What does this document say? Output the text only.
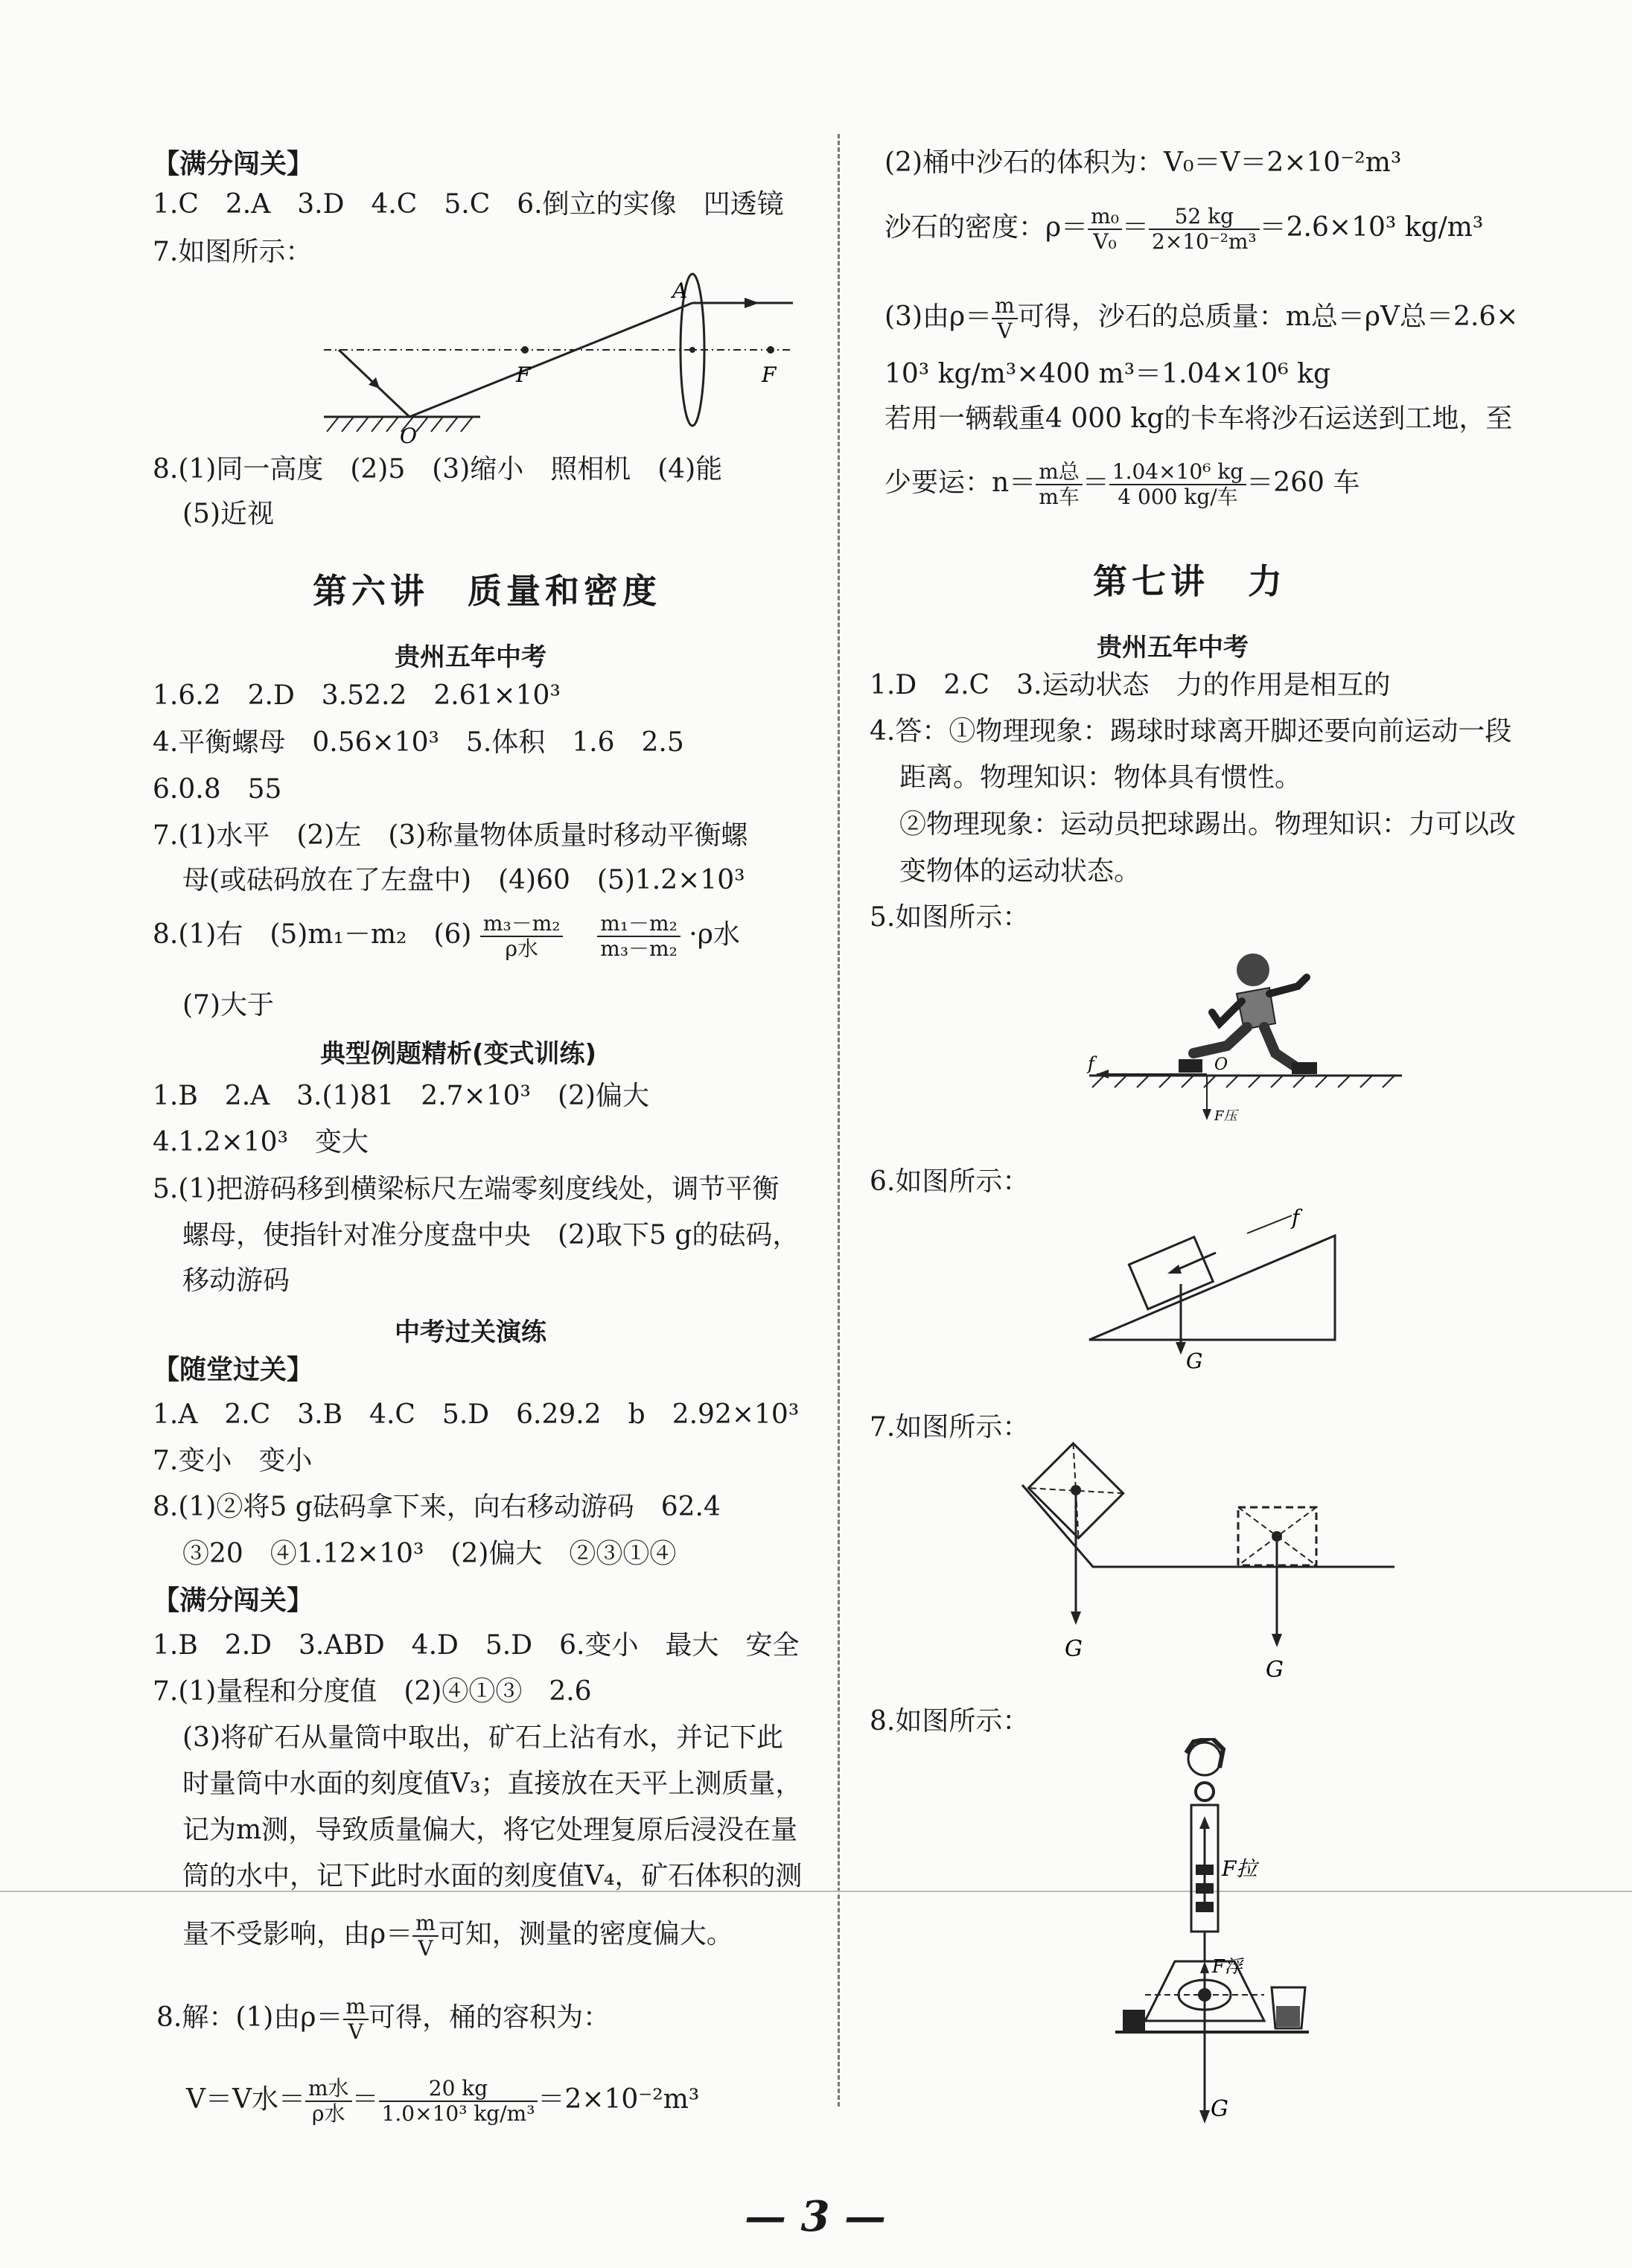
【满分闯关】
1.C　2.A　3.D　4.C　5.C　6.倒立的实像　凹透镜
7.如图所示：
A
F	F
O
8.(1)同一高度　(2)5　(3)缩小　照相机　(4)能
(5)近视
第六讲　质量和密度
贵州五年中考
1.6.2　2.D　3.52.2　2.61×10³
4.平衡螺母　0.56×10³　5.体积　1.6　2.5
6.0.8　55
7.(1)水平　(2)左　(3)称量物体质量时移动平衡螺
母(或砝码放在了左盘中)　(4)60　(5)1.2×10³
8.(1)右　(5)m₁－m₂　$(6) \frac{\text{m₃－m₂}}{\text{ρ水}}$
$\frac{\text{m₁－m₂}}{\text{m₃－m₂}} \cdot\rho$水
(7)大于
典型例题精析(变式训练)
1.B　2.A　3.(1)81　2.7×10³　(2)偏大
4.1.2×10³　变大
5.(1)把游码移到横梁标尺左端零刻度线处，调节平衡
螺母，使指针对准分度盘中央　(2)取下5 g的砝码，
移动游码
中考过关演练
【随堂过关】
1.A　2.C　3.B　4.C　5.D　6.29.2　b　2.92×10³
7.变小　变小
8.(1)②将5 g砝码拿下来，向右移动游码　62.4
③20　④1.12×10³　(2)偏大　②③①④
【满分闯关】
1.B　2.D　3.ABD　4.D　5.D　6.变小　最大　安全
7.(1)量程和分度值　(2)④①③　2.6
(3)将矿石从量筒中取出，矿石上沾有水，并记下此
时量筒中水面的刻度值V₃；直接放在天平上测质量，
记为m测，导致质量偏大，将它处理复原后浸没在量
筒的水中，记下此时水面的刻度值V₄，矿石体积的测
量不受影响，由$\rho= \frac{m}{V}$ 可知，测量的密度偏大。
8.解：(1)由$\rho= \frac{m}{V}$ 可得，桶的容积为：
V＝V水＝ $\frac{\text{m水}}{\text{ρ水}} = \frac{20 kg}{\text{1.0×10³ kg/m³}} =2\times 10^{-2}m^3$
(2)桶中沙石的体积为：V₀＝V＝2×10⁻²m³
沙石的密度：$\rho= \frac{\text{m₀}}{\text{V₀}} = \frac{52 kg}{\text{2×10⁻²m³}} =2.6\times 10^3$ kg/m³
(3)由$\rho= \frac{m}{V}$ 可得，沙石的总质量：m总＝ρV总＝2.6×
10³ kg/m³×400 m³＝1.04×10⁶ kg
若用一辆载重4 000 kg的卡车将沙石运送到工地，至
少要运：$n= \frac{\text{m总}}{\text{m车}} = \frac{\text{1.04×10⁶ kg}}{\text{4 000 kg/车}} =260$ 车
第七讲　力
贵州五年中考
1.D　2.C　3.运动状态　力的作用是相互的
4.答：①物理现象：踢球时球离开脚还要向前运动一段
距离。物理知识：物体具有惯性。
②物理现象：运动员把球踢出。物理知识：力可以改
变物体的运动状态。
5.如图所示：
f	O
F压
6.如图所示：
f
G
7.如图所示：
G
G
8.如图所示：
F拉
F浮
G
— 3 —
